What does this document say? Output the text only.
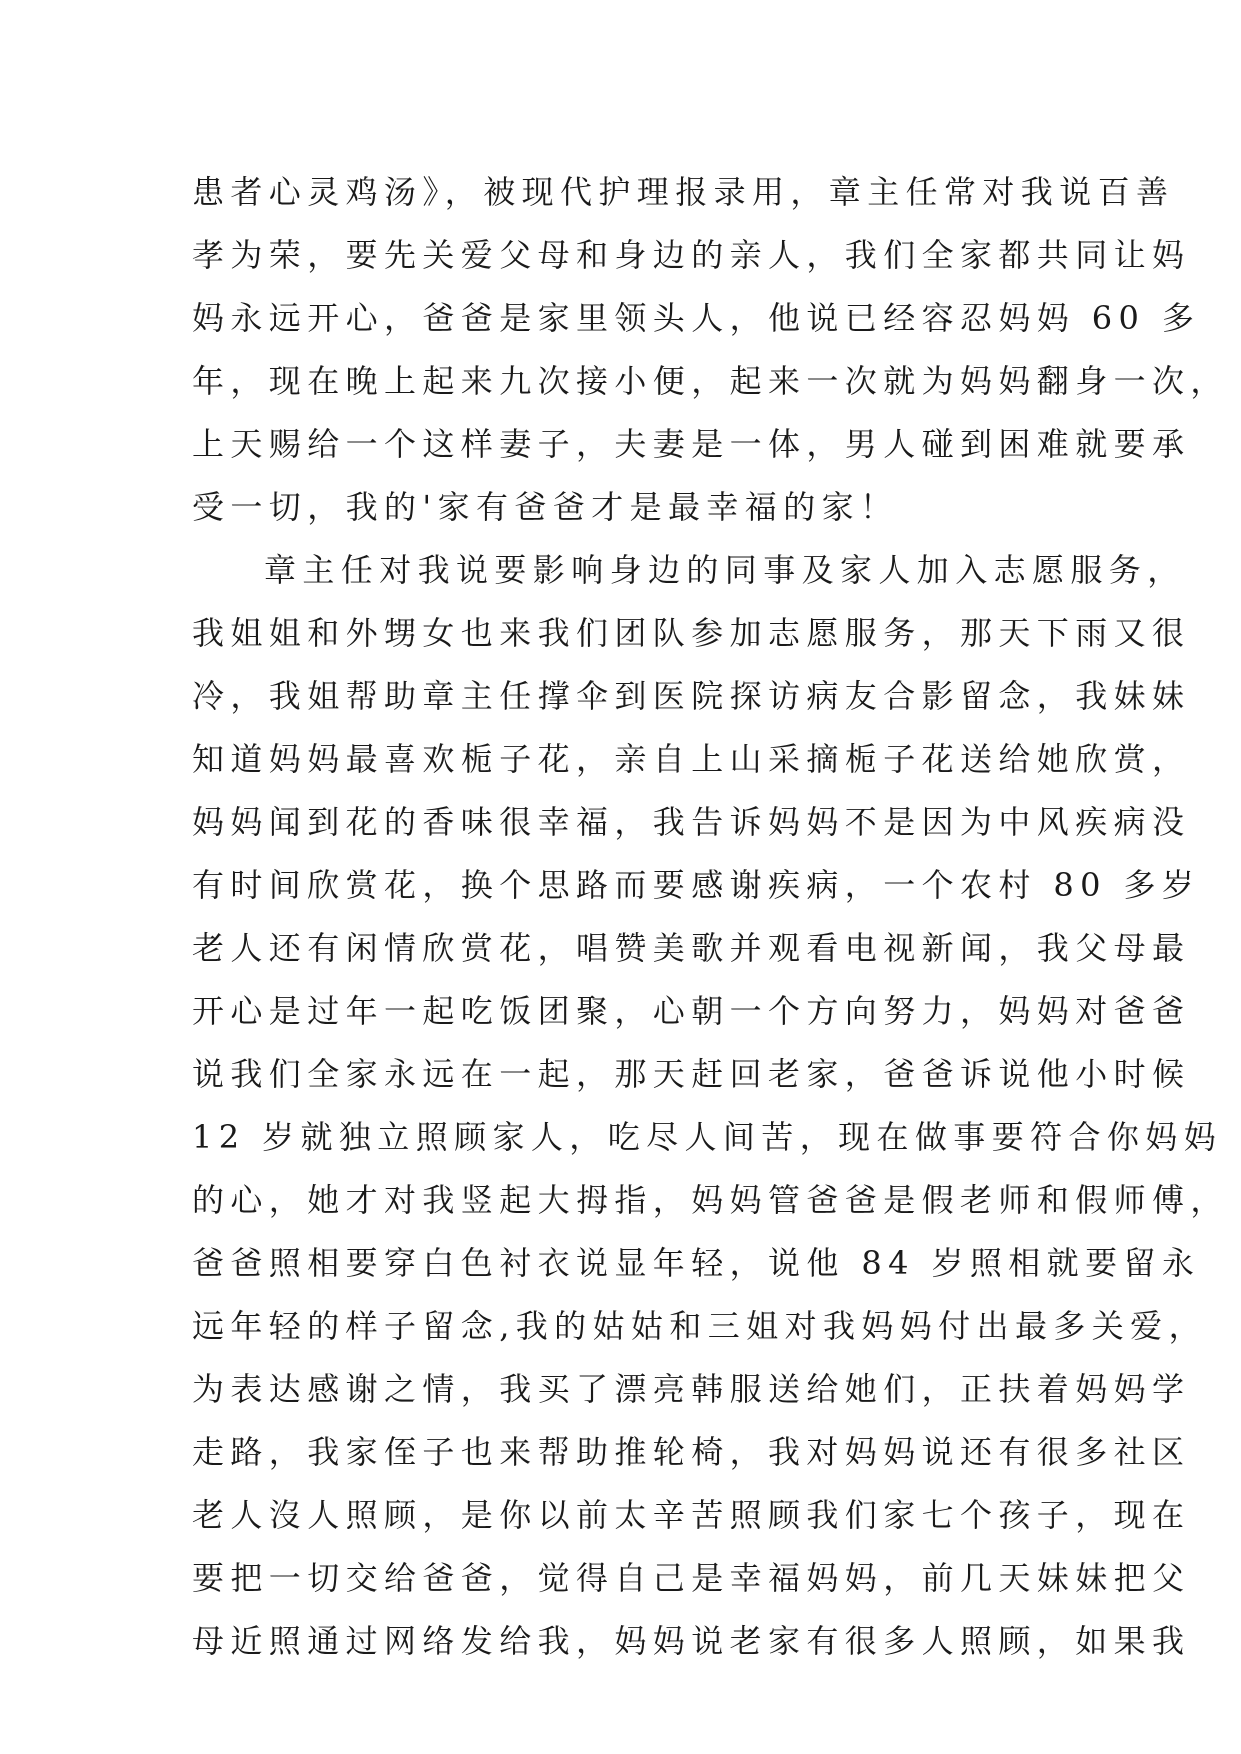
患者心灵鸡汤》，被现代护理报录用，章主任常对我说百善
孝为荣，要先关爱父母和身边的亲人，我们全家都共同让妈
妈永远开心，爸爸是家里领头人，他说已经容忍妈妈 60 多
年，现在晚上起来九次接小便，起来一次就为妈妈翻身一次，
上天赐给一个这样妻子，夫妻是一体，男人碰到困难就要承
受一切，我的'家有爸爸才是最幸福的家！
章主任对我说要影响身边的同事及家人加入志愿服务，
我姐姐和外甥女也来我们团队参加志愿服务，那天下雨又很
冷，我姐帮助章主任撑伞到医院探访病友合影留念，我妹妹
知道妈妈最喜欢栀子花，亲自上山采摘栀子花送给她欣赏，
妈妈闻到花的香味很幸福，我告诉妈妈不是因为中风疾病没
有时间欣赏花，换个思路而要感谢疾病，一个农村 80 多岁
老人还有闲情欣赏花，唱赞美歌并观看电视新闻，我父母最
开心是过年一起吃饭团聚，心朝一个方向努力，妈妈对爸爸
说我们全家永远在一起，那天赶回老家，爸爸诉说他小时候
12 岁就独立照顾家人，吃尽人间苦，现在做事要符合你妈妈
的心，她才对我竖起大拇指，妈妈管爸爸是假老师和假师傅，
爸爸照相要穿白色衬衣说显年轻，说他 84 岁照相就要留永
远年轻的样子留念,我的姑姑和三姐对我妈妈付出最多关爱，
为表达感谢之情，我买了漂亮韩服送给她们，正扶着妈妈学
走路，我家侄子也来帮助推轮椅，我对妈妈说还有很多社区
老人沒人照顾，是你以前太辛苦照顾我们家七个孩子，现在
要把一切交给爸爸，觉得自己是幸福妈妈，前几天妹妹把父
母近照通过网络发给我，妈妈说老家有很多人照顾，如果我
